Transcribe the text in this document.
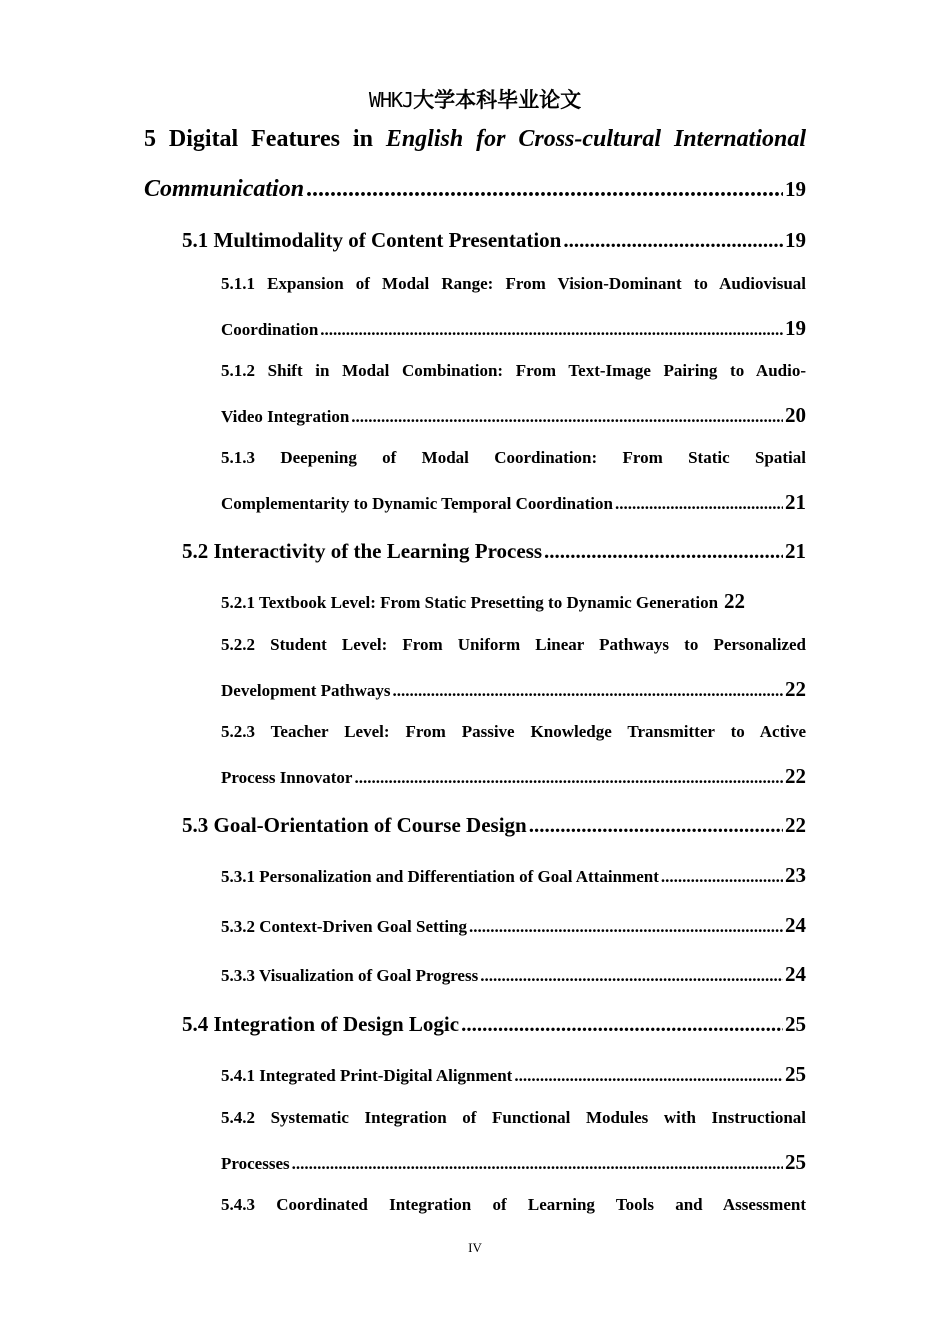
WHKJ大学本科毕业论文
5 Digital Features in English for Cross-cultural International
Communication .....	19
5.1 Multimodality of Content Presentation .....	19
5.1.1 Expansion of Modal Range: From Vision-Dominant to Audiovisual
Coordination .....	19
5.1.2 Shift in Modal Combination: From Text-Image Pairing to Audio-
Video Integration .....	20
5.1.3 Deepening of Modal Coordination: From Static Spatial
Complementarity to Dynamic Temporal Coordination .....	21
5.2 Interactivity of the Learning Process .....	21
5.2.1 Textbook Level: From Static Presetting to Dynamic Generation 22
5.2.2 Student Level: From Uniform Linear Pathways to Personalized
Development Pathways .....	22
5.2.3 Teacher Level: From Passive Knowledge Transmitter to Active
Process Innovator .....	22
5.3 Goal-Orientation of Course Design .....	22
5.3.1 Personalization and Differentiation of Goal Attainment .....	23
5.3.2 Context-Driven Goal Setting .....	24
5.3.3 Visualization of Goal Progress .....	24
5.4 Integration of Design Logic .....	25
5.4.1 Integrated Print-Digital Alignment .....	25
5.4.2 Systematic Integration of Functional Modules with Instructional
Processes .....	25
5.4.3 Coordinated Integration of Learning Tools and Assessment
IV
